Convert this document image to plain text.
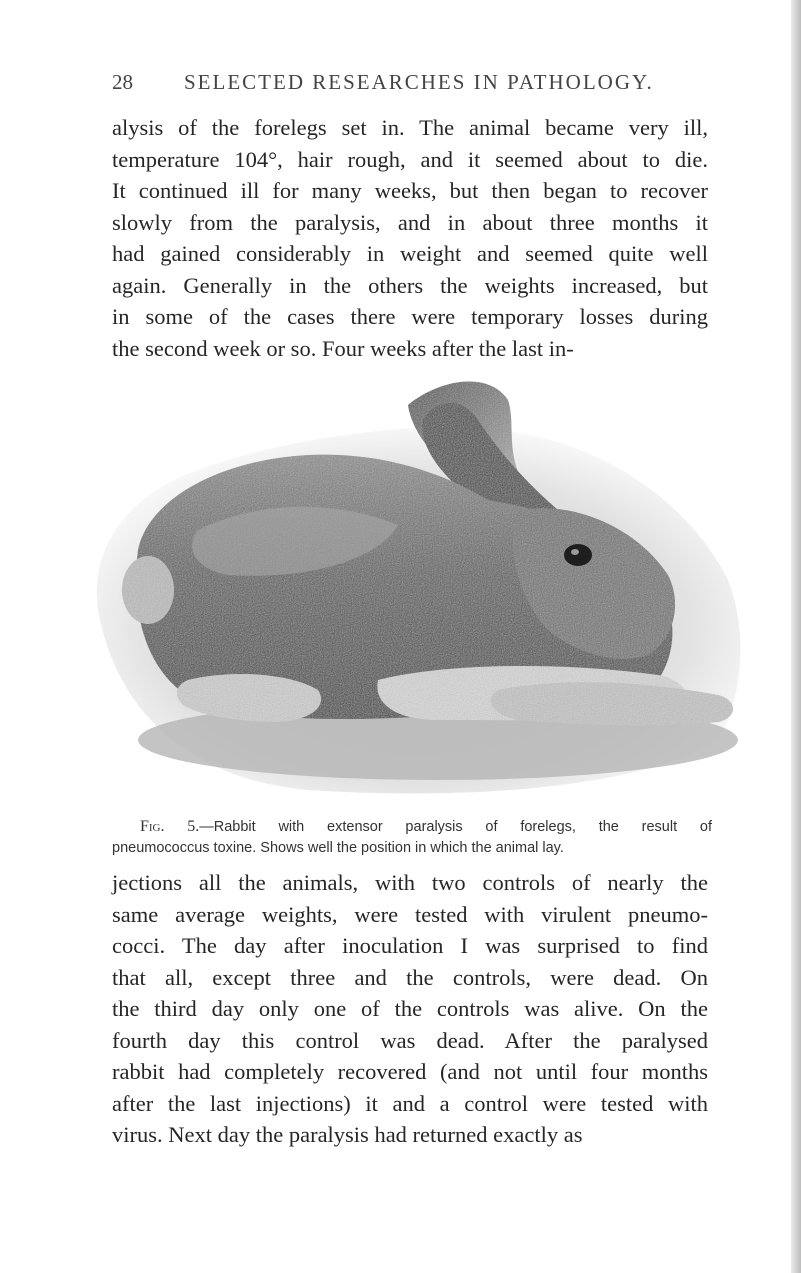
28 SELECTED RESEARCHES IN PATHOLOGY.
alysis of the forelegs set in. The animal became very ill,
temperature 104°, hair rough, and it seemed about to die.
It continued ill for many weeks, but then began to recover
slowly from the paralysis, and in about three months it
had gained considerably in weight and seemed quite well
again. Generally in the others the weights increased, but
in some of the cases there were temporary losses during
the second week or so. Four weeks after the last in-
Fig. 5.—Rabbit with extensor paralysis of forelegs, the result of
pneumococcus toxine. Shows well the position in which the animal lay.
jections all the animals, with two controls of nearly the
same average weights, were tested with virulent pneumo-
cocci. The day after inoculation I was surprised to find
that all, except three and the controls, were dead. On
the third day only one of the controls was alive. On the
fourth day this control was dead. After the paralysed
rabbit had completely recovered (and not until four months
after the last injections) it and a control were tested with
virus. Next day the paralysis had returned exactly as
